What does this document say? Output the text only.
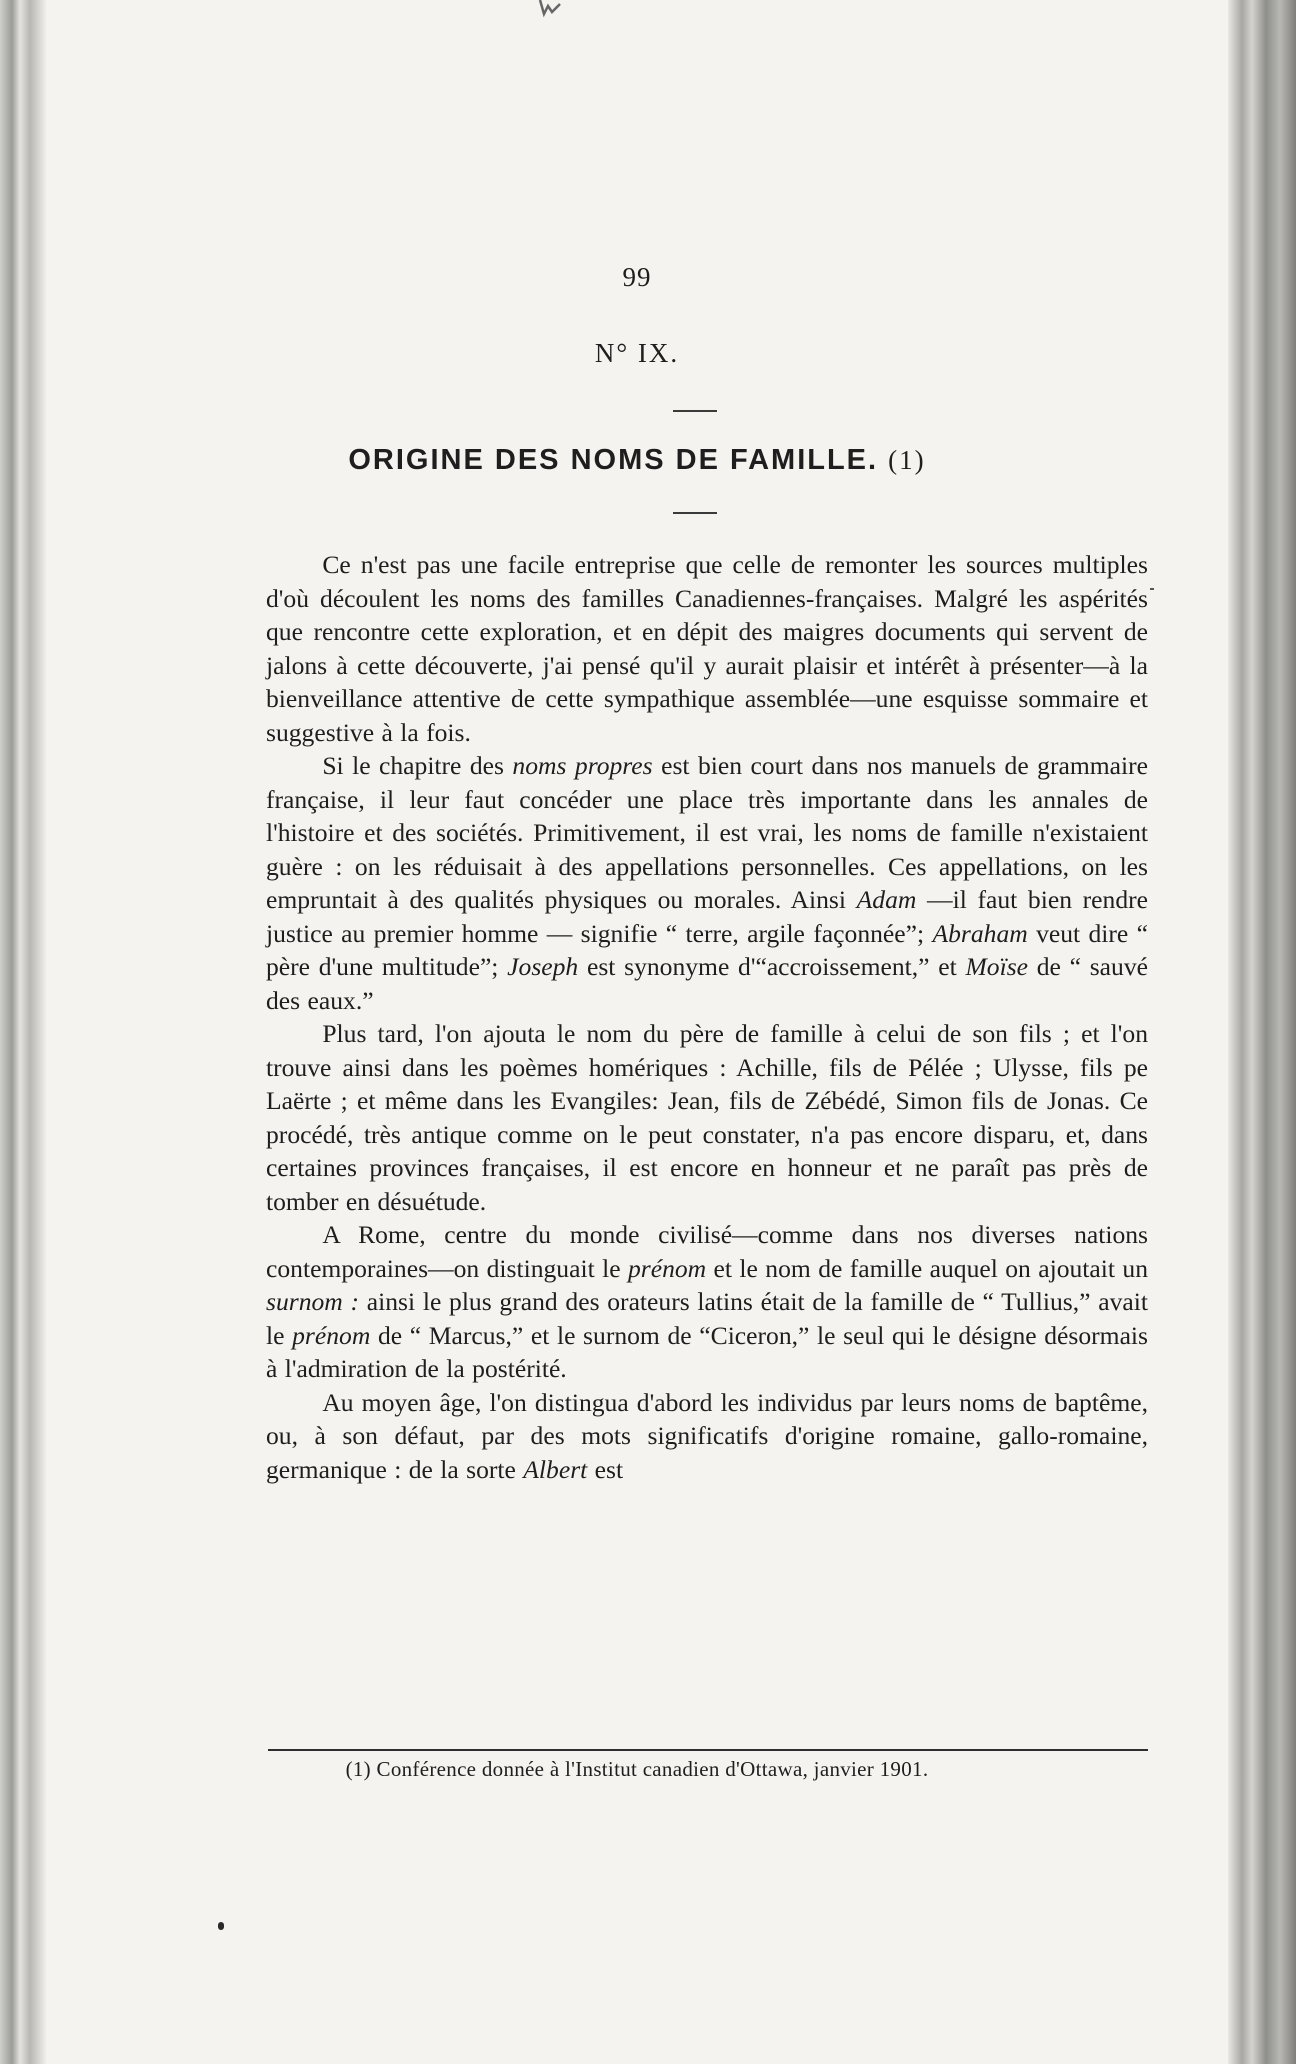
99
N° IX.
ORIGINE DES NOMS DE FAMILLE. (1)

Ce n'est pas une facile entreprise que celle de remonter les sources multiples d'où découlent les noms des familles Canadiennes-françaises. Malgré les aspérités que rencontre cette exploration, et en dépit des maigres documents qui servent de jalons à cette découverte, j'ai pensé qu'il y aurait plaisir et intérêt à présenter—à la bienveillance attentive de cette sympathique assemblée—une esquisse sommaire et suggestive à la fois.

Si le chapitre des noms propres est bien court dans nos manuels de grammaire française, il leur faut concéder une place très importante dans les annales de l'histoire et des sociétés. Primitivement, il est vrai, les noms de famille n'existaient guère : on les réduisait à des appellations personnelles. Ces appellations, on les empruntait à des qualités physiques ou morales. Ainsi Adam —il faut bien rendre justice au premier homme — signifie “ terre, argile façonnée”; Abraham veut dire “ père d'une multitude”; Joseph est synonyme d'“accroissement,” et Moïse de “ sauvé des eaux.”

Plus tard, l'on ajouta le nom du père de famille à celui de son fils ; et l'on trouve ainsi dans les poèmes homériques : Achille, fils de Pélée ; Ulysse, fils pe Laërte ; et même dans les Evangiles: Jean, fils de Zébédé, Simon fils de Jonas. Ce procédé, très antique comme on le peut constater, n'a pas encore disparu, et, dans certaines provinces françaises, il est encore en honneur et ne paraît pas près de tomber en désuétude.

A Rome, centre du monde civilisé—comme dans nos diverses nations contemporaines—on distinguait le prénom et le nom de famille auquel on ajoutait un surnom : ainsi le plus grand des orateurs latins était de la famille de “ Tullius,” avait le prénom de “ Marcus,” et le surnom de “Ciceron,” le seul qui le désigne désormais à l'admiration de la postérité.

Au moyen âge, l'on distingua d'abord les individus par leurs noms de baptême, ou, à son défaut, par des mots significatifs d'origine romaine, gallo-romaine, germanique : de la sorte Albert est

(1) Conférence donnée à l'Institut canadien d'Ottawa, janvier 1901.
